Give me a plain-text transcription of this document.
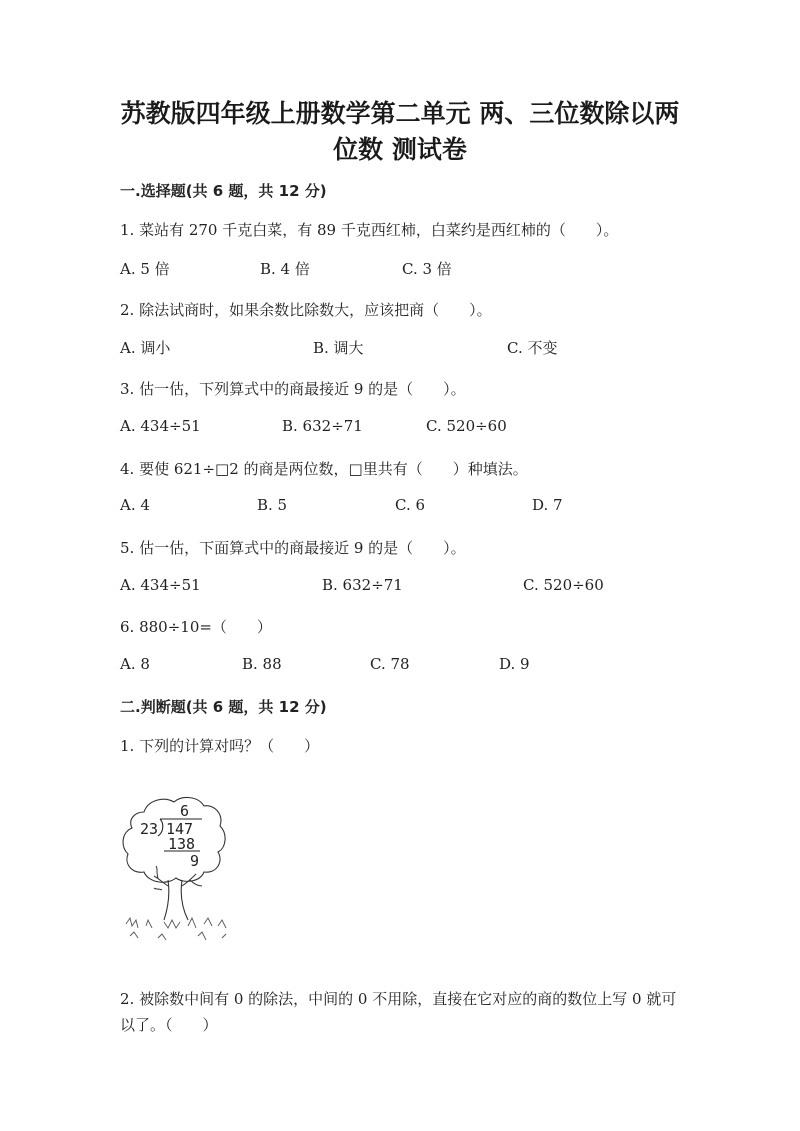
苏教版四年级上册数学第二单元 两、三位数除以两
位数 测试卷
一.选择题(共 6 题，共 12 分)
1. 菜站有 270 千克白菜，有 89 千克西红柿，白菜约是西红柿的（　　）。
A. 5 倍	B. 4 倍	C. 3 倍
2. 除法试商时，如果余数比除数大，应该把商（　　）。
A. 调小	B. 调大	C. 不变
3. 估一估，下列算式中的商最接近 9 的是（　　）。
A. 434÷51	B. 632÷71	C. 520÷60
4. 要使 621÷□2 的商是两位数，□里共有（　　）种填法。
A. 4	B. 5	C. 6	D. 7
5. 估一估，下面算式中的商最接近 9 的是（　　）。
A. 434÷51	B. 632÷71	C. 520÷60
6. 880÷10=（　　）
A. 8	B. 88	C. 78	D. 9
二.判断题(共 6 题，共 12 分)
1. 下列的计算对吗？（　　）
6
23 147
138
9
2. 被除数中间有 0 的除法，中间的 0 不用除，直接在它对应的商的数位上写 0 就可以了。（　　）
